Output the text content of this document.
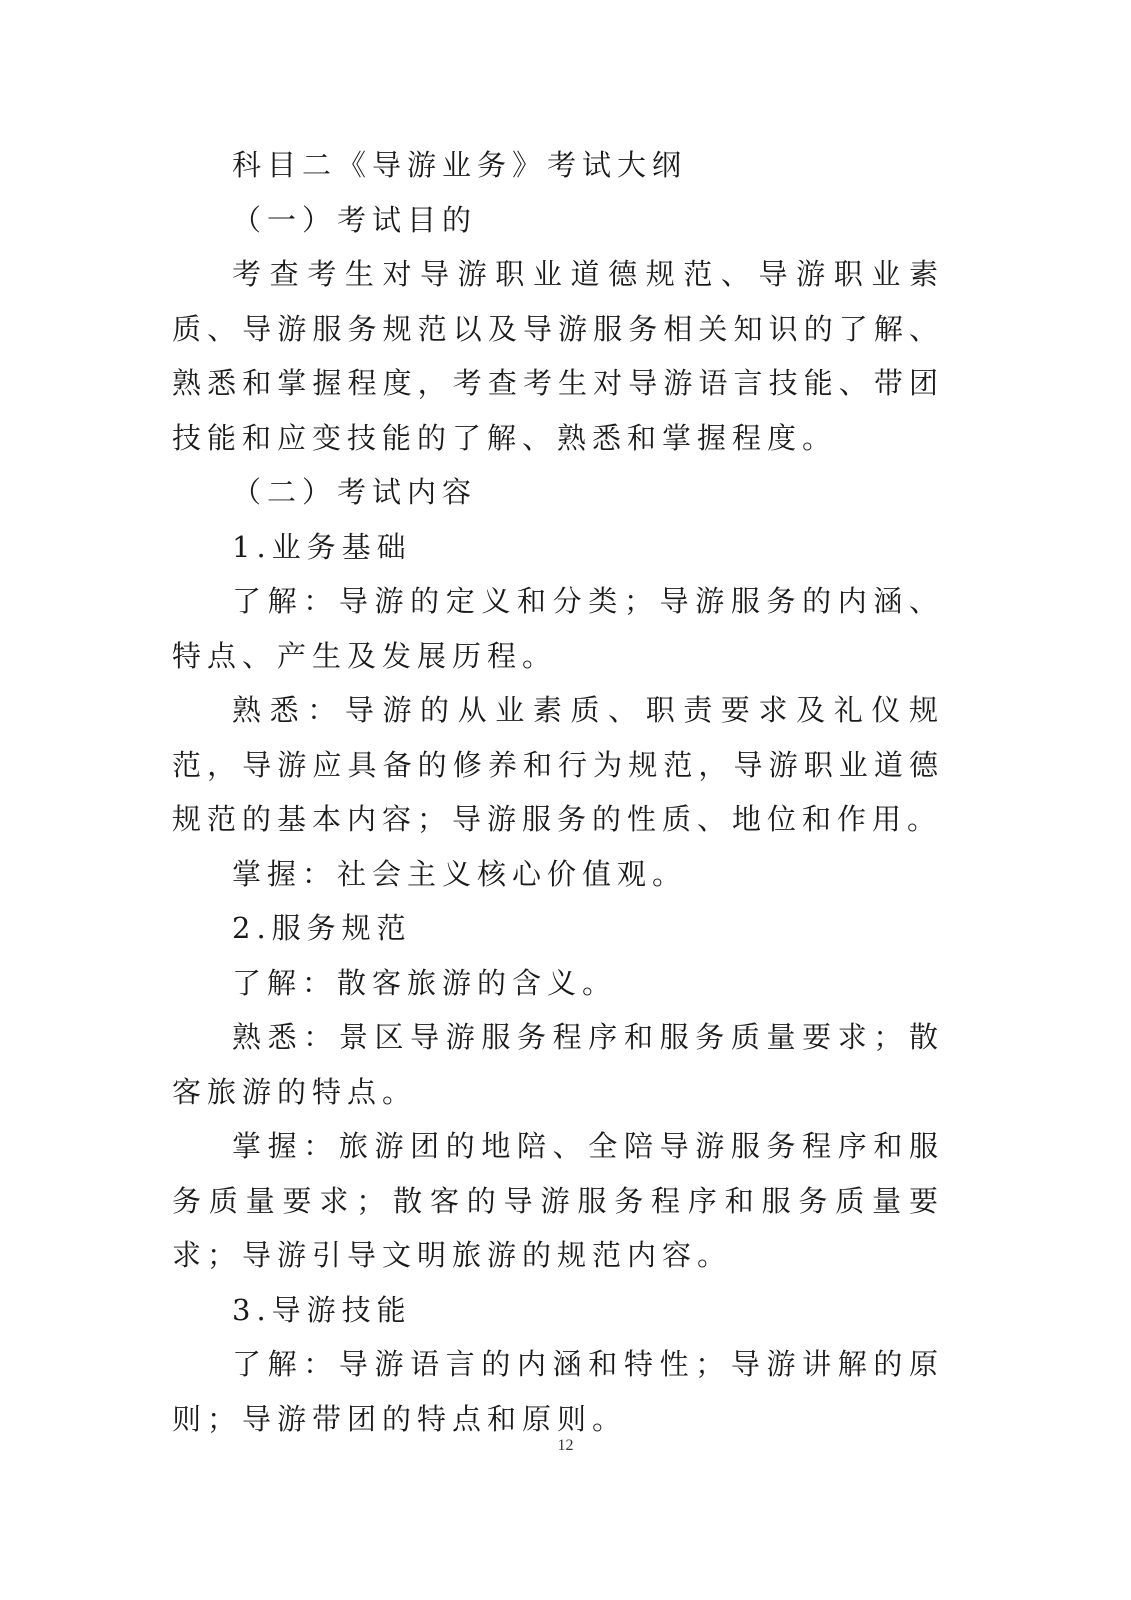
科目二《导游业务》考试大纲

（一）考试目的

考查考生对导游职业道德规范、导游职业素质、导游服务规范以及导游服务相关知识的了解、熟悉和掌握程度，考查考生对导游语言技能、带团技能和应变技能的了解、熟悉和掌握程度。

（二）考试内容

1.业务基础

了解：导游的定义和分类；导游服务的内涵、特点、产生及发展历程。

熟悉：导游的从业素质、职责要求及礼仪规范，导游应具备的修养和行为规范，导游职业道德规范的基本内容；导游服务的性质、地位和作用。

掌握：社会主义核心价值观。

2.服务规范

了解：散客旅游的含义。

熟悉：景区导游服务程序和服务质量要求；散客旅游的特点。

掌握：旅游团的地陪、全陪导游服务程序和服务质量要求；散客的导游服务程序和服务质量要求；导游引导文明旅游的规范内容。

3.导游技能

了解：导游语言的内涵和特性；导游讲解的原则；导游带团的特点和原则。

12
